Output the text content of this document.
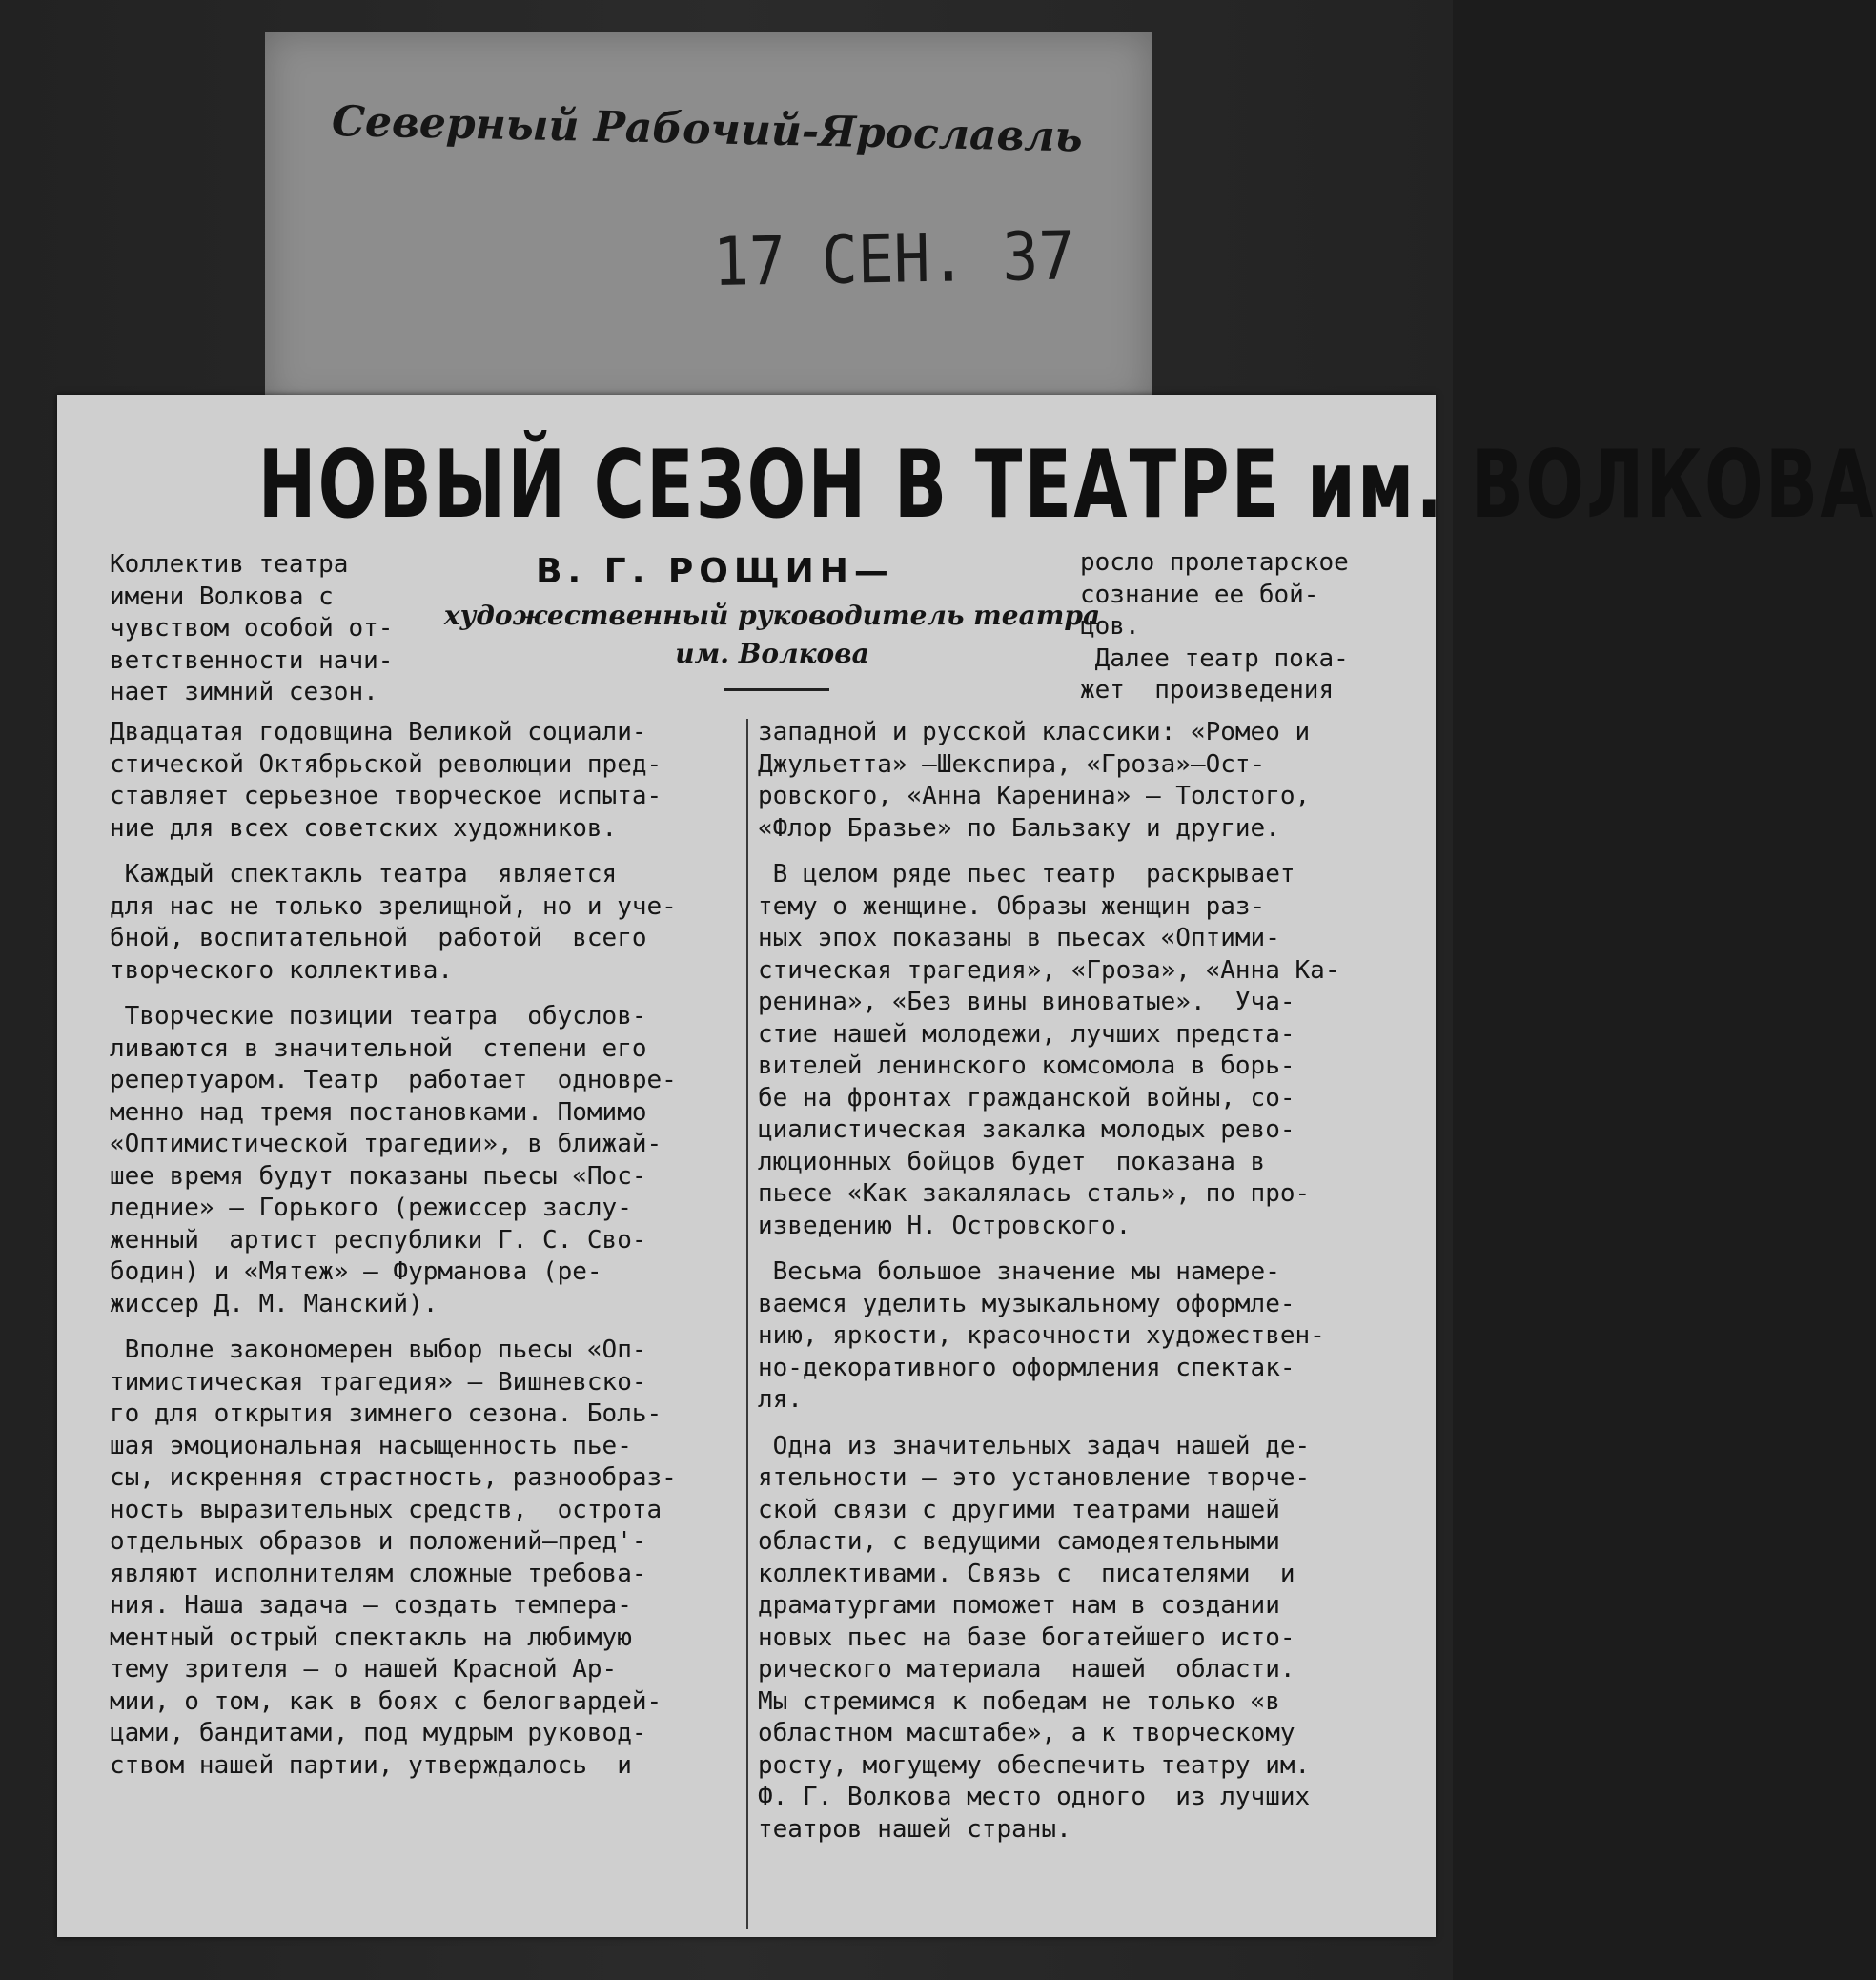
Северный Рабочий-Ярославль
17 СЕН. 37
НОВЫЙ СЕЗОН В ТЕАТРЕ им. ВОЛКОВА
Коллектив театра
имени Волкова с
чувством особой от-
ветственности начи-
нает зимний сезон.
В. Г. РОЩИН—
художественный руководитель театра
им. Волкова
росло пролетарское
сознание ее бой-
цов.
Далее театр пока-
жет  произведения
Двадцатая годовщина Великой социали-
стической Октябрьской революции пред-
ставляет серьезное творческое испыта-
ние для всех советских художников.
Каждый спектакль театра  является
для нас не только зрелищной, но и уче-
бной, воспитательной  работой  всего
творческого коллектива.
Творческие позиции театра  обуслов-
ливаются в значительной  степени его
репертуаром. Театр  работает  одновре-
менно над тремя постановками. Помимо
«Оптимистической трагедии», в ближай-
шее время будут показаны пьесы «Пос-
ледние» — Горького (режиссер заслу-
женный  артист республики Г. С. Сво-
бодин) и «Мятеж» — Фурманова (ре-
жиссер Д. М. Манский).
Вполне закономерен выбор пьесы «Оп-
тимистическая трагедия» — Вишневско-
го для открытия зимнего сезона. Боль-
шая эмоциональная насыщенность пье-
сы, искренняя страстность, разнообраз-
ность выразительных средств,  острота
отдельных образов и положений—пред'-
являют исполнителям сложные требова-
ния. Наша задача — создать темпера-
ментный острый спектакль на любимую
тему зрителя — о нашей Красной Ар-
мии, о том, как в боях с белогвардей-
цами, бандитами, под мудрым руковод-
ством нашей партии, утверждалось  и
западной и русской классики: «Ромео и
Джульетта» —Шекспира, «Гроза»—Ост-
ровского, «Анна Каренина» — Толстого,
«Флор Бразье» по Бальзаку и другие.
В целом ряде пьес театр  раскрывает
тему о женщине. Образы женщин раз-
ных эпох показаны в пьесах «Оптими-
стическая трагедия», «Гроза», «Анна Ка-
ренина», «Без вины виноватые».  Уча-
стие нашей молодежи, лучших предста-
вителей ленинского комсомола в борь-
бе на фронтах гражданской войны, со-
циалистическая закалка молодых рево-
люционных бойцов будет  показана в
пьесе «Как закалялась сталь», по про-
изведению Н. Островского.
Весьма большое значение мы намере-
ваемся уделить музыкальному оформле-
нию, яркости, красочности художествен-
но-декоративного оформления спектак-
ля.
Одна из значительных задач нашей де-
ятельности — это установление творче-
ской связи с другими театрами нашей
области, с ведущими самодеятельными
коллективами. Связь с  писателями  и
драматургами поможет нам в создании
новых пьес на базе богатейшего исто-
рического материала  нашей  области.
Мы стремимся к победам не только «в
областном масштабе», а к творческому
росту, могущему обеспечить театру им.
Ф. Г. Волкова место одного  из лучших
театров нашей страны.
